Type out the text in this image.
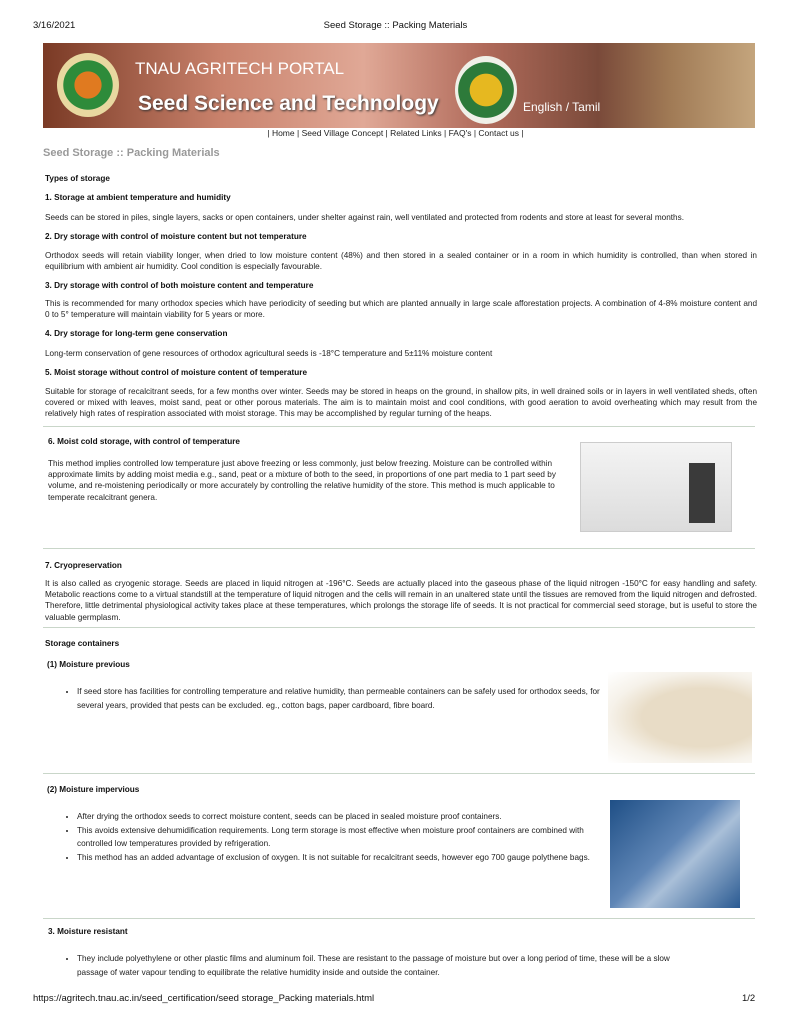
3/16/2021	Seed Storage :: Packing Materials
TNAU AGRITECH PORTAL
Seed Science and Technology	English / Tamil
| Home | Seed Village Concept | Related Links | FAQ's | Contact us |
Seed Storage :: Packing Materials
Types of storage
1. Storage at ambient temperature and humidity
Seeds can be stored in piles, single layers, sacks or open containers, under shelter against rain, well ventilated and protected from rodents and store at least for several months.
2. Dry storage with control of moisture content but not temperature
Orthodox seeds will retain viability longer, when dried to low moisture content (48%) and then stored in a sealed container or in a room in which humidity is controlled, than when stored in equilibrium with ambient air humidity. Cool condition is especially favourable.
3. Dry storage with control of both moisture content and temperature
This is recommended for many orthodox species which have periodicity of seeding but which are planted annually in large scale afforestation projects. A combination of 4-8% moisture content and 0 to 5° temperature will maintain viability for 5 years or more.
4. Dry storage for long-term gene conservation
Long-term conservation of gene resources of orthodox agricultural seeds is -18°C temperature and 5±11% moisture content
5. Moist storage without control of moisture content of temperature
Suitable for storage of recalcitrant seeds, for a few months over winter. Seeds may be stored in heaps on the ground, in shallow pits, in well drained soils or in layers in well ventilated sheds, often covered or mixed with leaves, moist sand, peat or other porous materials. The aim is to maintain moist and cool conditions, with good aeration to avoid overheating which may result from the relatively high rates of respiration associated with moist storage. This may be accomplished by regular turning of the heaps.
6. Moist cold storage, with control of temperature
This method implies controlled low temperature just above freezing or less commonly, just below freezing. Moisture can be controlled within approximate limits by adding moist media e.g., sand, peat or a mixture of both to the seed, in proportions of one part media to 1 part seed by volume, and re-moistening periodically or more accurately by controlling the relative humidity of the store. This method is much applicable to temperate recalcitrant genera.
7. Cryopreservation
It is also called as cryogenic storage. Seeds are placed in liquid nitrogen at -196°C. Seeds are actually placed into the gaseous phase of the liquid nitrogen -150°C for easy handling and safety. Metabolic reactions come to a virtual standstill at the temperature of liquid nitrogen and the cells will remain in an unaltered state until the tissues are removed from the liquid nitrogen and defrosted. Therefore, little detrimental physiological activity takes place at these temperatures, which prolongs the storage life of seeds. It is not practical for commercial seed storage, but is useful to store the valuable germplasm.
Storage containers
(1) Moisture previous
• If seed store has facilities for controlling temperature and relative humidity, than permeable containers can be safely used for orthodox seeds, for several years, provided that pests can be excluded. eg., cotton bags, paper cardboard, fibre board.
(2) Moisture impervious
• After drying the orthodox seeds to correct moisture content, seeds can be placed in sealed moisture proof containers.
• This avoids extensive dehumidification requirements. Long term storage is most effective when moisture proof containers are combined with controlled low temperatures provided by refrigeration.
• This method has an added advantage of exclusion of oxygen. It is not suitable for recalcitrant seeds, however ego 700 gauge polythene bags.
3. Moisture resistant
• They include polyethylene or other plastic films and aluminum foil. These are resistant to the passage of moisture but over a long period of time, these will be a slow passage of water vapour tending to equilibrate the relative humidity inside and outside the container.
https://agritech.tnau.ac.in/seed_certification/seed storage_Packing materials.html	1/2
